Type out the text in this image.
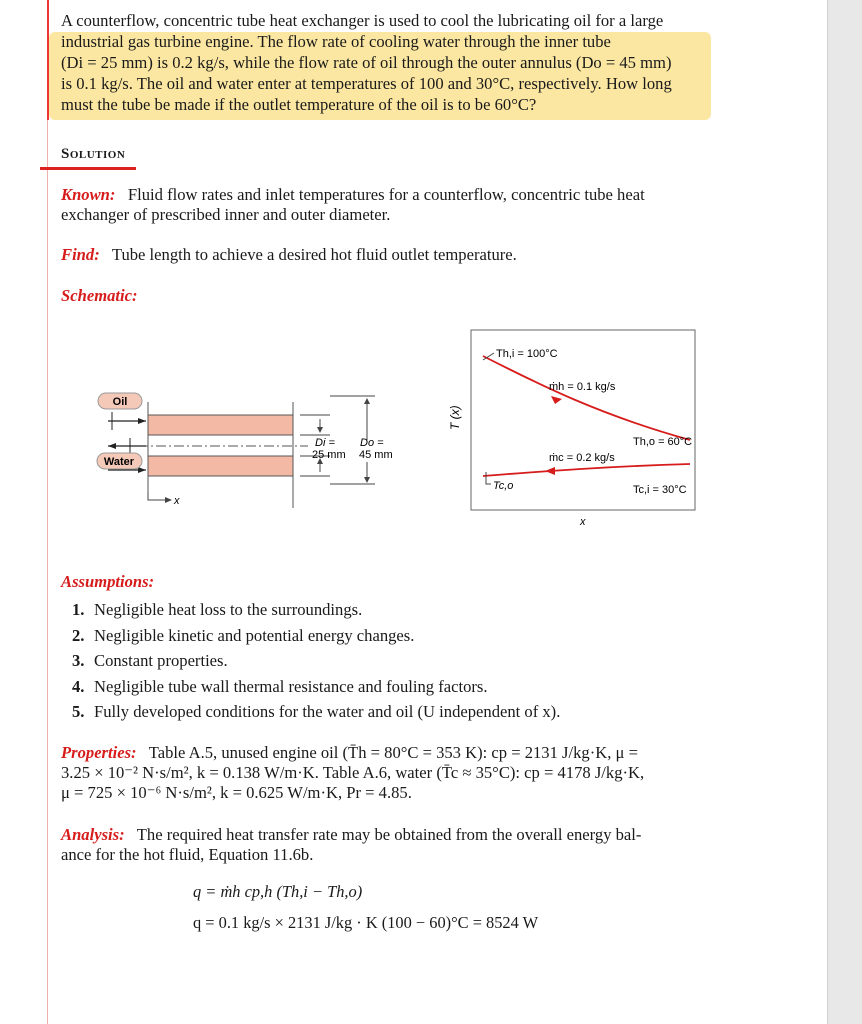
A counterflow, concentric tube heat exchanger is used to cool the lubricating oil for a large
industrial gas turbine engine. The flow rate of cooling water through the inner tube
(Di = 25 mm) is 0.2 kg/s, while the flow rate of oil through the outer annulus (Do = 45 mm)
is 0.1 kg/s. The oil and water enter at temperatures of 100 and 30°C, respectively. How long
must the tube be made if the outlet temperature of the oil is to be 60°C?
Solution
Known: Fluid flow rates and inlet temperatures for a counterflow, concentric tube heat
exchanger of prescribed inner and outer diameter.
Find: Tube length to achieve a desired hot fluid outlet temperature.
Schematic:
Oil
Water
x
Di =
25 mm
Do =
45 mm
T (x)
Th,i = 100°C
ṁh = 0.1 kg/s
Th,o = 60°C
ṁc = 0.2 kg/s
Tc,o	Tc,i = 30°C
x
Assumptions:
1. Negligible heat loss to the surroundings.
2. Negligible kinetic and potential energy changes.
3. Constant properties.
4. Negligible tube wall thermal resistance and fouling factors.
5. Fully developed conditions for the water and oil (U independent of x).
Properties: Table A.5, unused engine oil (T̄h = 80°C = 353 K): cp = 2131 J/kg·K, μ =
3.25 × 10⁻² N·s/m², k = 0.138 W/m·K. Table A.6, water (T̄c ≈ 35°C): cp = 4178 J/kg·K,
μ = 725 × 10⁻⁶ N·s/m², k = 0.625 W/m·K, Pr = 4.85.
Analysis: The required heat transfer rate may be obtained from the overall energy bal-
ance for the hot fluid, Equation 11.6b.
q = ṁh cp,h (Th,i − Th,o)
q = 0.1 kg/s × 2131 J/kg · K (100 − 60)°C = 8524 W
